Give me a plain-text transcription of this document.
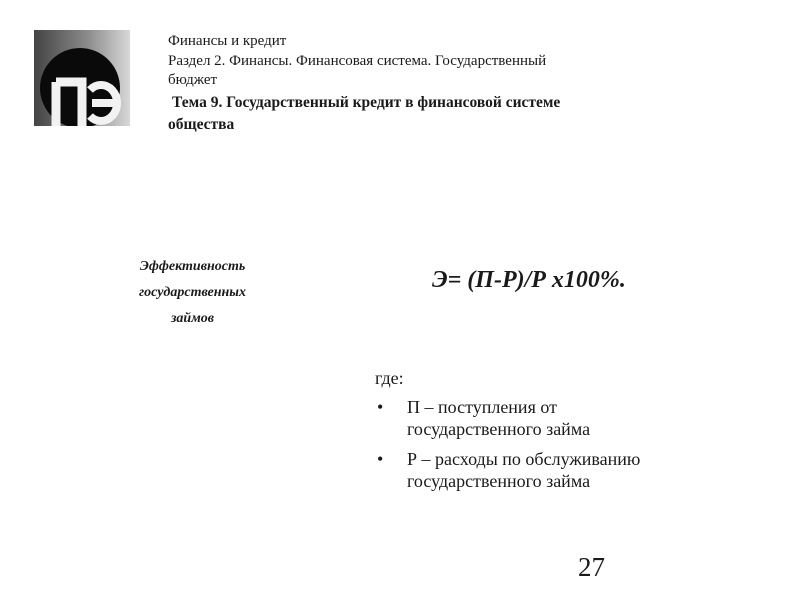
Финансы и кредит
Раздел 2. Финансы. Финансовая система. Государственный
бюджет
Тема 9. Государственный кредит в финансовой системе
общества
Эффективность
государственных
займов
Э= (П-Р)/Р х100%.
где:
• П – поступления от
государственного займа
• Р – расходы по обслуживанию
государственного займа
27
